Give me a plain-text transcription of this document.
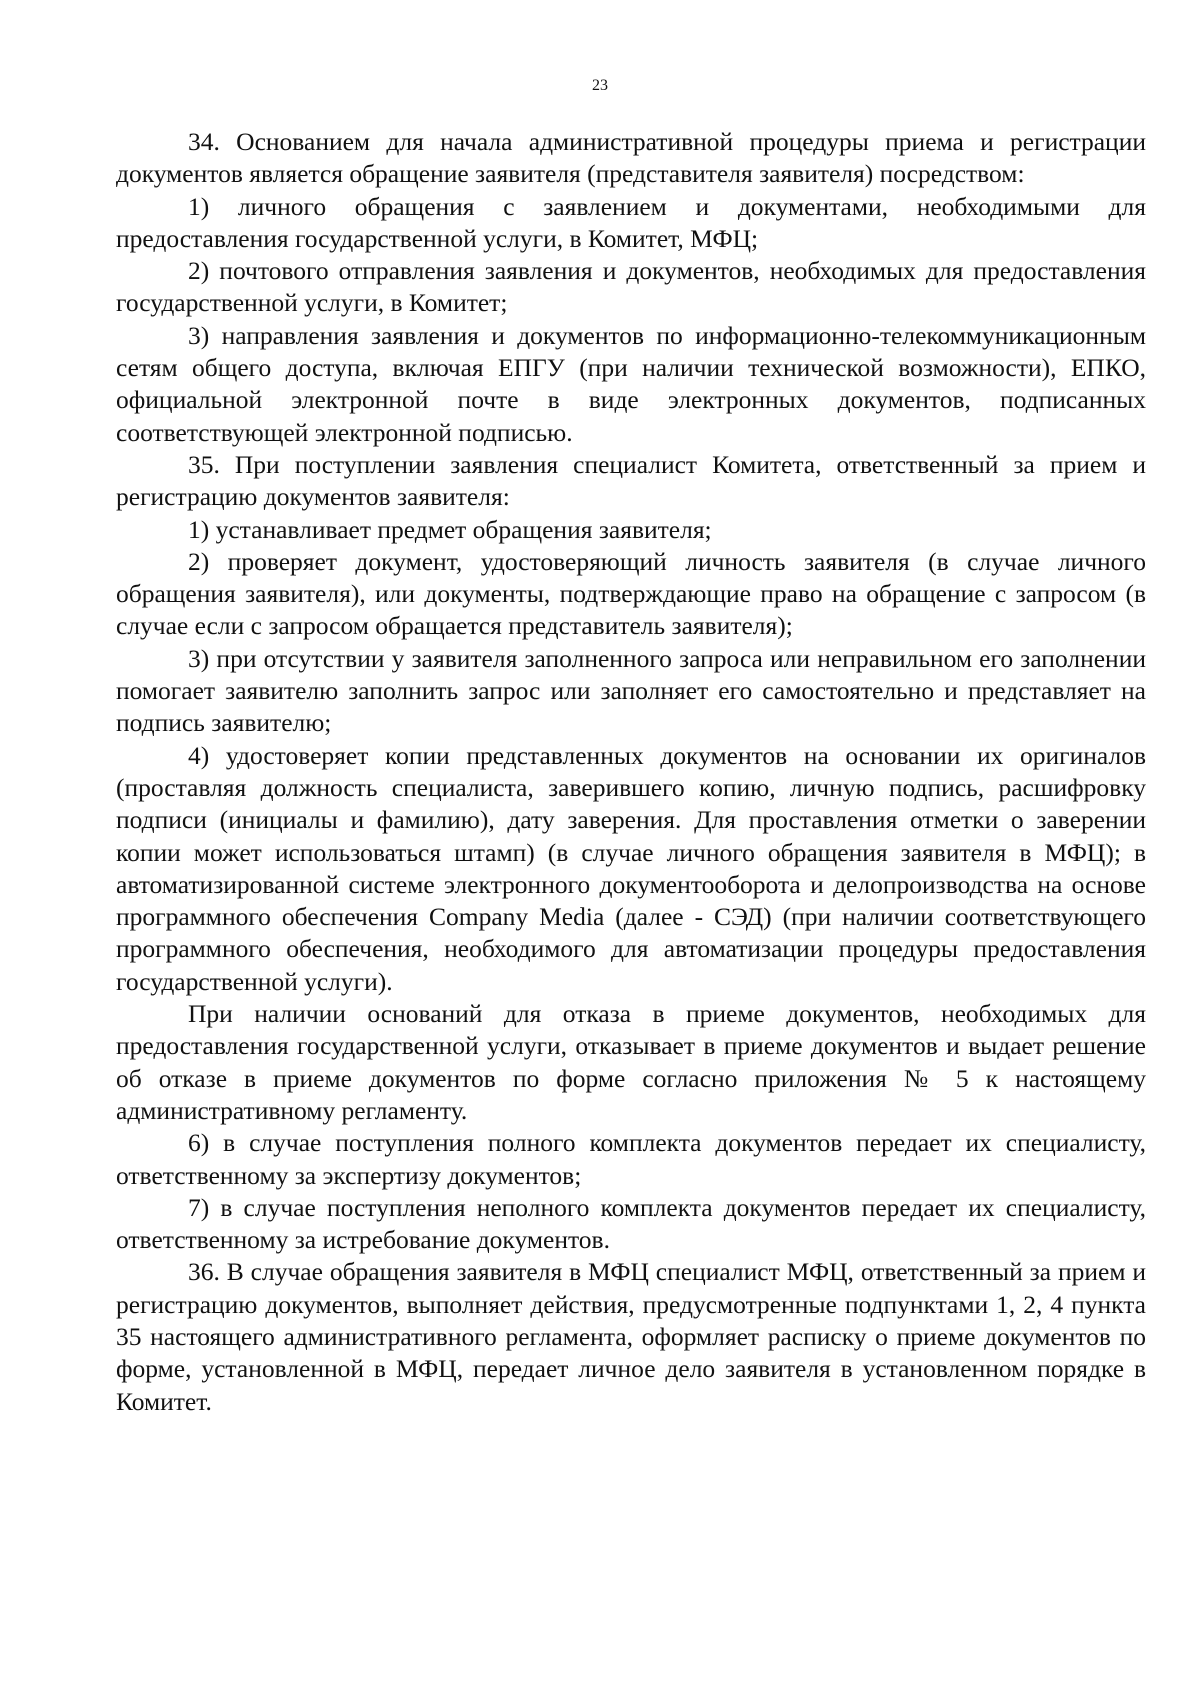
23

34. Основанием для начала административной процедуры приема и регистрации документов является обращение заявителя (представителя заявителя) посредством:

1) личного обращения с заявлением и документами, необходимыми для предоставления государственной услуги, в Комитет, МФЦ;

2) почтового отправления заявления и документов, необходимых для предоставления государственной услуги, в Комитет;

3) направления заявления и документов по информационно-телекоммуникационным сетям общего доступа, включая ЕПГУ (при наличии технической возможности), ЕПКО, официальной электронной почте в виде электронных документов, подписанных соответствующей электронной подписью.

35. При поступлении заявления специалист Комитета, ответственный за прием и регистрацию документов заявителя:

1) устанавливает предмет обращения заявителя;

2) проверяет документ, удостоверяющий личность заявителя (в случае личного обращения заявителя), или документы, подтверждающие право на обращение с запросом (в случае если с запросом обращается представитель заявителя);

3) при отсутствии у заявителя заполненного запроса или неправильном его заполнении помогает заявителю заполнить запрос или заполняет его самостоятельно и представляет на подпись заявителю;

4) удостоверяет копии представленных документов на основании их оригиналов (проставляя должность специалиста, заверившего копию, личную подпись, расшифровку подписи (инициалы и фамилию), дату заверения. Для проставления отметки о заверении копии может использоваться штамп) (в случае личного обращения заявителя в МФЦ); в автоматизированной системе электронного документооборота и делопроизводства на основе программного обеспечения Company Media (далее - СЭД) (при наличии соответствующего программного обеспечения, необходимого для автоматизации процедуры предоставления государственной услуги).

При наличии оснований для отказа в приеме документов, необходимых для предоставления государственной услуги, отказывает в приеме документов и выдает решение об отказе в приеме документов по форме согласно приложения № 5 к настоящему административному регламенту.

6) в случае поступления полного комплекта документов передает их специалисту, ответственному за экспертизу документов;

7) в случае поступления неполного комплекта документов передает их специалисту, ответственному за истребование документов.

36. В случае обращения заявителя в МФЦ специалист МФЦ, ответственный за прием и регистрацию документов, выполняет действия, предусмотренные подпунктами 1, 2, 4 пункта 35 настоящего административного регламента, оформляет расписку о приеме документов по форме, установленной в МФЦ, передает личное дело заявителя в установленном порядке в Комитет.
